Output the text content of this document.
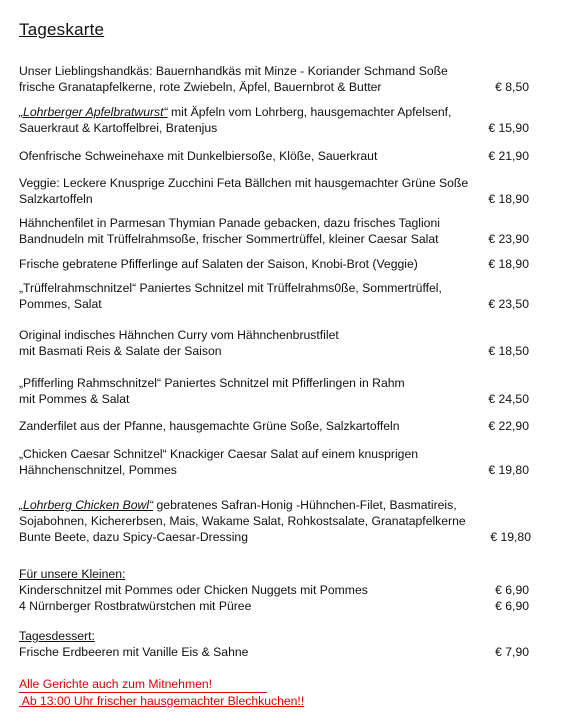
Tageskarte
Unser Lieblingshandkäs: Bauernhandkäs mit Minze - Koriander Schmand Soße
frische Granatapfelkerne, rote Zwiebeln, Äpfel, Bauernbrot & Butter	€ 8,50
„Lohrberger Apfelbratwurst“ mit Äpfeln vom Lohrberg, hausgemachter Apfelsenf,
Sauerkraut & Kartoffelbrei, Bratenjus	€ 15,90
Ofenfrische Schweinehaxe mit Dunkelbiersoße, Klöße, Sauerkraut	€ 21,90
Veggie: Leckere Knusprige Zucchini Feta Bällchen mit hausgemachter Grüne Soße
Salzkartoffeln	€ 18,90
Hähnchenfilet in Parmesan Thymian Panade gebacken, dazu frisches Taglioni
Bandnudeln mit Trüffelrahmsoße, frischer Sommertrüffel, kleiner Caesar Salat	€ 23,90
Frische gebratene Pfifferlinge auf Salaten der Saison, Knobi-Brot (Veggie)	€ 18,90
„Trüffelrahmschnitzel“ Paniertes Schnitzel mit Trüffelrahms0ße, Sommertrüffel,
Pommes, Salat	€ 23,50
Original indisches Hähnchen Curry vom Hähnchenbrustfilet
mit Basmati Reis & Salate der Saison	€ 18,50
„Pfifferling Rahmschnitzel“ Paniertes Schnitzel mit Pfifferlingen in Rahm
mit Pommes & Salat	€ 24,50
Zanderfilet aus der Pfanne, hausgemachte Grüne Soße, Salzkartoffeln	€ 22,90
„Chicken Caesar Schnitzel“ Knackiger Caesar Salat auf einem knusprigen
Hähnchenschnitzel, Pommes	€ 19,80
„Lohrberg Chicken Bowl“ gebratenes Safran-Honig -Hühnchen-Filet, Basmatireis,
Sojabohnen, Kichererbsen, Mais, Wakame Salat, Rohkostsalate, Granatapfelkerne
Bunte Beete, dazu Spicy-Caesar-Dressing	€ 19,80
Für unsere Kleinen:
Kinderschnitzel mit Pommes oder Chicken Nuggets mit Pommes	€ 6,90
4 Nürnberger Rostbratwürstchen mit Püree	€ 6,90
Tagesdessert:
Frische Erdbeeren mit Vanille Eis & Sahne	€ 7,90
Alle Gerichte auch zum Mitnehmen!
Ab 13:00 Uhr frischer hausgemachter Blechkuchen!!
